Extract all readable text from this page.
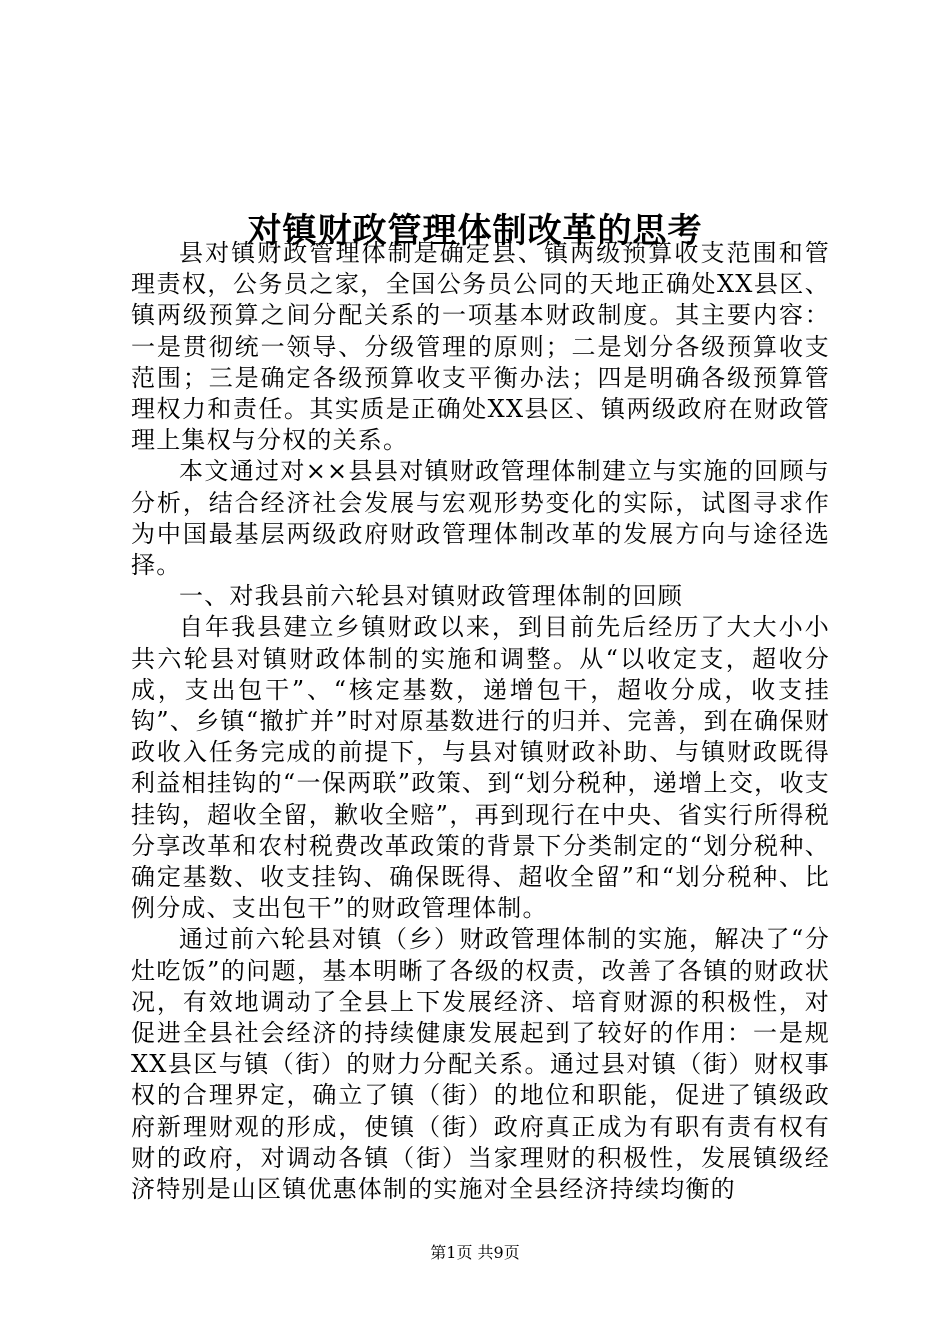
对镇财政管理体制改革的思考

县对镇财政管理体制是确定县、镇两级预算收支范围和管理责权，公务员之家，全国公务员公同的天地正确处XX县区、镇两级预算之间分配关系的一项基本财政制度。其主要内容：一是贯彻统一领导、分级管理的原则；二是划分各级预算收支范围；三是确定各级预算收支平衡办法；四是明确各级预算管理权力和责任。其实质是正确处XX县区、镇两级政府在财政管理上集权与分权的关系。

本文通过对××县县对镇财政管理体制建立与实施的回顾与分析，结合经济社会发展与宏观形势变化的实际，试图寻求作为中国最基层两级政府财政管理体制改革的发展方向与途径选择。

一、对我县前六轮县对镇财政管理体制的回顾

自年我县建立乡镇财政以来，到目前先后经历了大大小小共六轮县对镇财政体制的实施和调整。从“以收定支，超收分成，支出包干”、“核定基数，递增包干，超收分成，收支挂钩”、乡镇“撤扩并”时对原基数进行的归并、完善，到在确保财政收入任务完成的前提下，与县对镇财政补助、与镇财政既得利益相挂钩的“一保两联”政策、到“划分税种，递增上交，收支挂钩，超收全留，歉收全赔”，再到现行在中央、省实行所得税分享改革和农村税费改革政策的背景下分类制定的“划分税种、确定基数、收支挂钩、确保既得、超收全留”和“划分税种、比例分成、支出包干”的财政管理体制。

通过前六轮县对镇（乡）财政管理体制的实施，解决了“分灶吃饭”的问题，基本明晰了各级的权责，改善了各镇的财政状况，有效地调动了全县上下发展经济、培育财源的积极性，对促进全县社会经济的持续健康发展起到了较好的作用：一是规XX县区与镇（街）的财力分配关系。通过县对镇（街）财权事权的合理界定，确立了镇（街）的地位和职能，促进了镇级政府新理财观的形成，使镇（街）政府真正成为有职有责有权有财的政府，对调动各镇（街）当家理财的积极性，发展镇级经济特别是山区镇优惠体制的实施对全县经济持续均衡的

第1页 共9页
